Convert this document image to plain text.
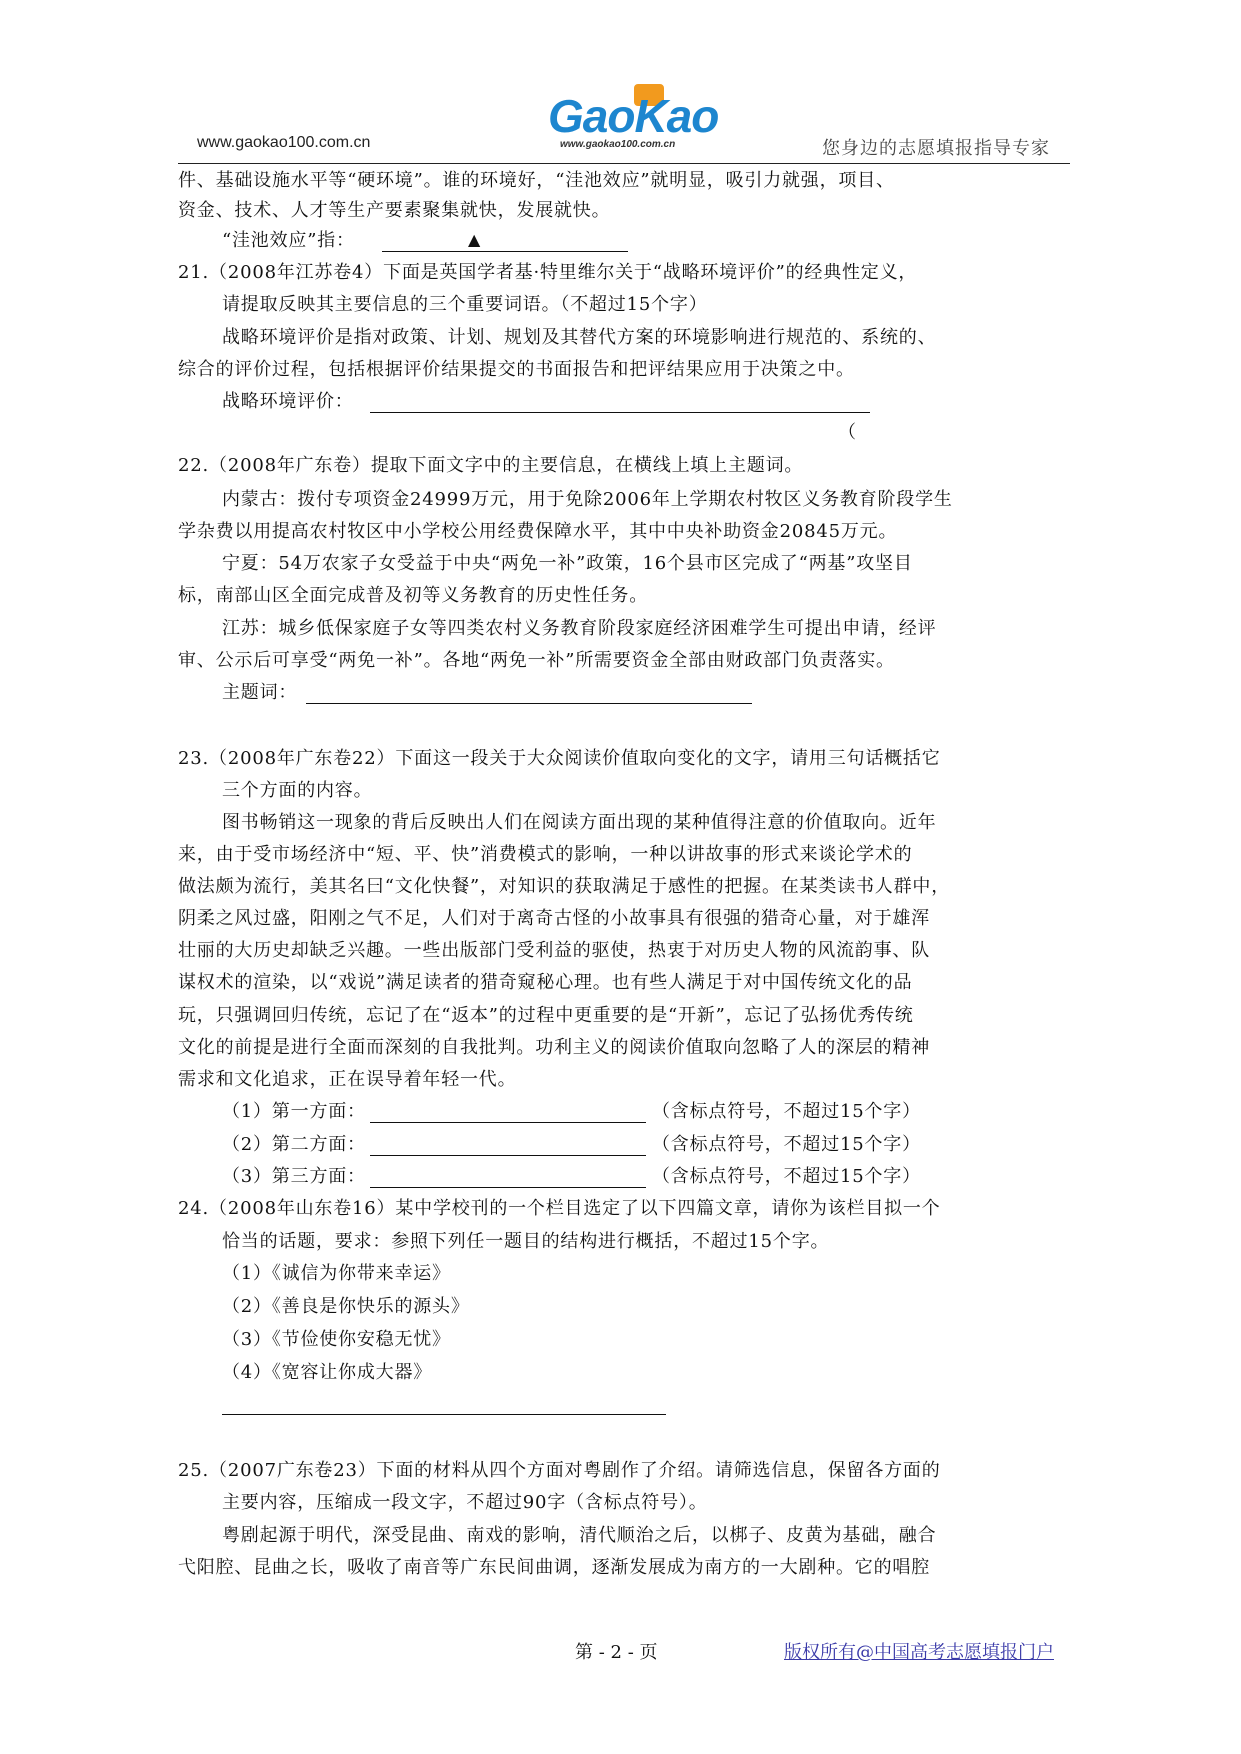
www.gaokao100.com.cn
GaoKao
www.gaokao100.com.cn	您身边的志愿填报指导专家
件、基础设施水平等“硬环境”。谁的环境好，“洼池效应”就明显，吸引力就强，项目、
资金、技术、人才等生产要素聚集就快，发展就快。
“洼池效应”指：	▲
21.（2008年江苏卷4）下面是英国学者基·特里维尔关于“战略环境评价”的经典性定义，
请提取反映其主要信息的三个重要词语。（不超过15个字）
战略环境评价是指对政策、计划、规划及其替代方案的环境影响进行规范的、系统的、
综合的评价过程，包括根据评价结果提交的书面报告和把评结果应用于决策之中。
战略环境评价：
（
22.（2008年广东卷）提取下面文字中的主要信息，在横线上填上主题词。
内蒙古：拨付专项资金24999万元，用于免除2006年上学期农村牧区义务教育阶段学生
学杂费以用提高农村牧区中小学校公用经费保障水平，其中中央补助资金20845万元。
宁夏：54万农家子女受益于中央“两免一补”政策，16个县市区完成了“两基”攻坚目
标，南部山区全面完成普及初等义务教育的历史性任务。
江苏：城乡低保家庭子女等四类农村义务教育阶段家庭经济困难学生可提出申请，经评
审、公示后可享受“两免一补”。各地“两免一补”所需要资金全部由财政部门负责落实。
主题词：
23.（2008年广东卷22）下面这一段关于大众阅读价值取向变化的文字，请用三句话概括它
三个方面的内容。
图书畅销这一现象的背后反映出人们在阅读方面出现的某种值得注意的价值取向。近年
来，由于受市场经济中“短、平、快”消费模式的影响，一种以讲故事的形式来谈论学术的
做法颇为流行，美其名曰“文化快餐”，对知识的获取满足于感性的把握。在某类读书人群中，
阴柔之风过盛，阳刚之气不足，人们对于离奇古怪的小故事具有很强的猎奇心量，对于雄浑
壮丽的大历史却缺乏兴趣。一些出版部门受利益的驱使，热衷于对历史人物的风流韵事、队
谋权术的渲染，以“戏说”满足读者的猎奇窥秘心理。也有些人满足于对中国传统文化的品
玩，只强调回归传统，忘记了在“返本”的过程中更重要的是“开新”，忘记了弘扬优秀传统
文化的前提是进行全面而深刻的自我批判。功利主义的阅读价值取向忽略了人的深层的精神
需求和文化追求，正在误导着年轻一代。
（1）第一方面：	（含标点符号，不超过15个字）
（2）第二方面：	（含标点符号，不超过15个字）
（3）第三方面：	（含标点符号，不超过15个字）
24.（2008年山东卷16）某中学校刊的一个栏目选定了以下四篇文章，请你为该栏目拟一个
恰当的话题，要求：参照下列任一题目的结构进行概括，不超过15个字。
（1）《诚信为你带来幸运》
（2）《善良是你快乐的源头》
（3）《节俭使你安稳无忧》
（4）《宽容让你成大器》
25.（2007广东卷23）下面的材料从四个方面对粤剧作了介绍。请筛选信息，保留各方面的
主要内容，压缩成一段文字，不超过90字（含标点符号）。
粤剧起源于明代，深受昆曲、南戏的影响，清代顺治之后，以梆子、皮黄为基础，融合
弋阳腔、昆曲之长，吸收了南音等广东民间曲调，逐渐发展成为南方的一大剧种。它的唱腔
第 - 2 - 页	版权所有@中国高考志愿填报门户
